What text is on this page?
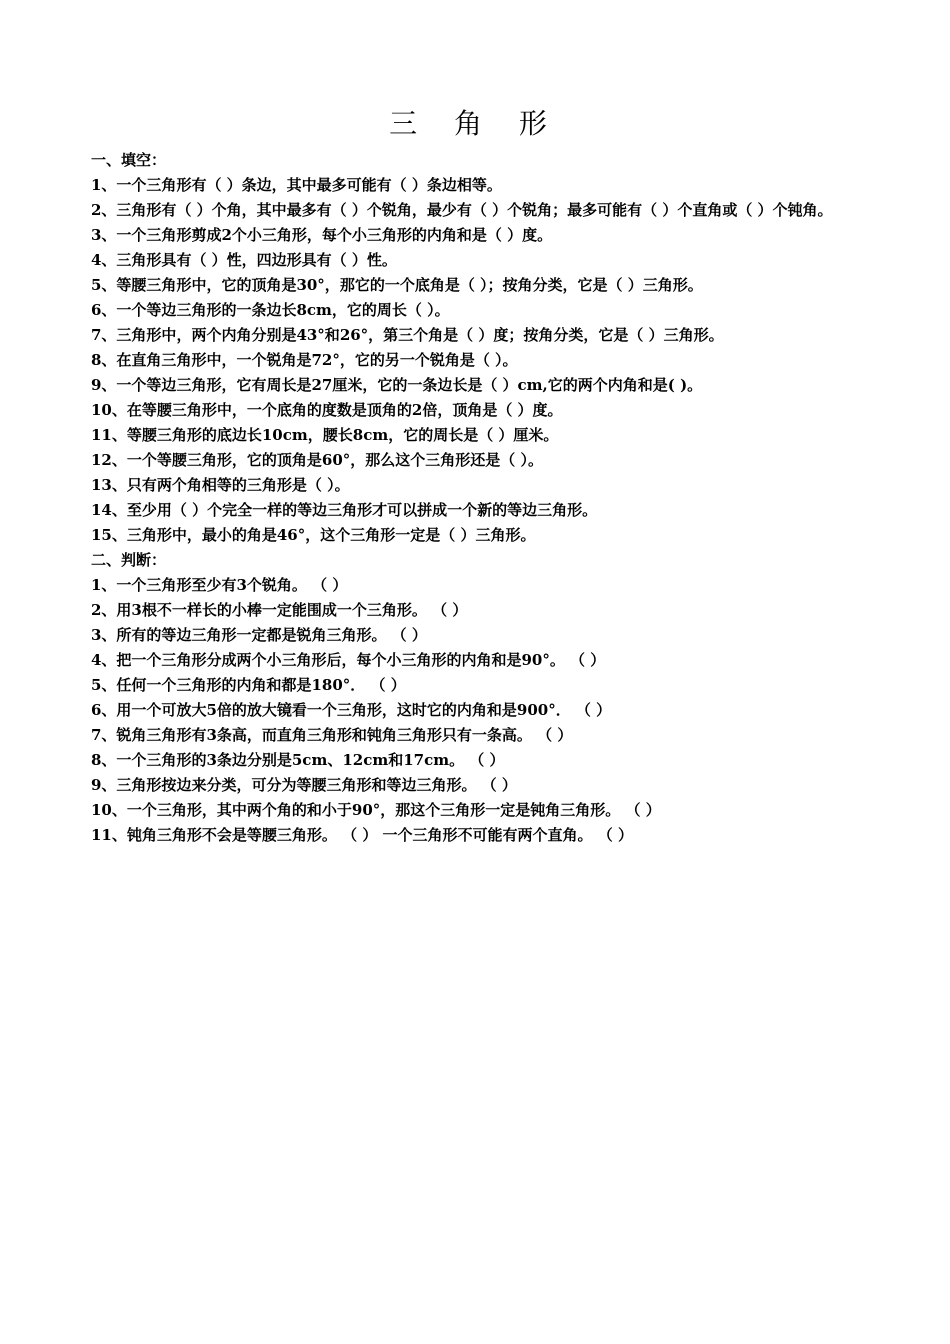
三 角 形

一、填空：

1、一个三角形有（ ）条边，其中最多可能有（ ）条边相等。

2、三角形有（ ）个角，其中最多有（ ）个锐角，最少有（ ）个锐角；最多可能有（ ）个直角或（ ）个钝角。

3、一个三角形剪成2个小三角形，每个小三角形的内角和是（ ）度。

4、三角形具有（ ）性，四边形具有（ ）性。

5、等腰三角形中，它的顶角是30°，那它的一个底角是（ ）；按角分类，它是（ ）三角形。

6、一个等边三角形的一条边长8cm，它的周长（ ）。

7、三角形中，两个内角分别是43°和26°，第三个角是（ ）度；按角分类，它是（ ）三角形。

8、在直角三角形中，一个锐角是72°，它的另一个锐角是（ ）。

9、一个等边三角形，它有周长是27厘米，它的一条边长是（ ）cm,它的两个内角和是( )。

10、在等腰三角形中，一个底角的度数是顶角的2倍，顶角是（ ）度。

11、等腰三角形的底边长10cm，腰长8cm，它的周长是（ ）厘米。

12、一个等腰三角形，它的顶角是60°，那么这个三角形还是（ ）。

13、只有两个角相等的三角形是（ ）。

14、至少用（ ）个完全一样的等边三角形才可以拼成一个新的等边三角形。

15、三角形中，最小的角是46°，这个三角形一定是（ ）三角形。

二、判断：

1、一个三角形至少有3个锐角。 （ ）

2、用3根不一样长的小棒一定能围成一个三角形。 （ ）

3、所有的等边三角形一定都是锐角三角形。 （ ）

4、把一个三角形分成两个小三角形后，每个小三角形的内角和是90°。 （ ）

5、任何一个三角形的内角和都是180°． （ ）

6、用一个可放大5倍的放大镜看一个三角形，这时它的内角和是900°． （ ）

7、锐角三角形有3条高，而直角三角形和钝角三角形只有一条高。 （ ）

8、一个三角形的3条边分别是5cm、12cm和17cm。 （ ）

9、三角形按边来分类，可分为等腰三角形和等边三角形。 （ ）

10、一个三角形，其中两个角的和小于90°，那这个三角形一定是钝角三角形。 （ ）

11、钝角三角形不会是等腰三角形。 （ ） 一个三角形不可能有两个直角。 （ ）
